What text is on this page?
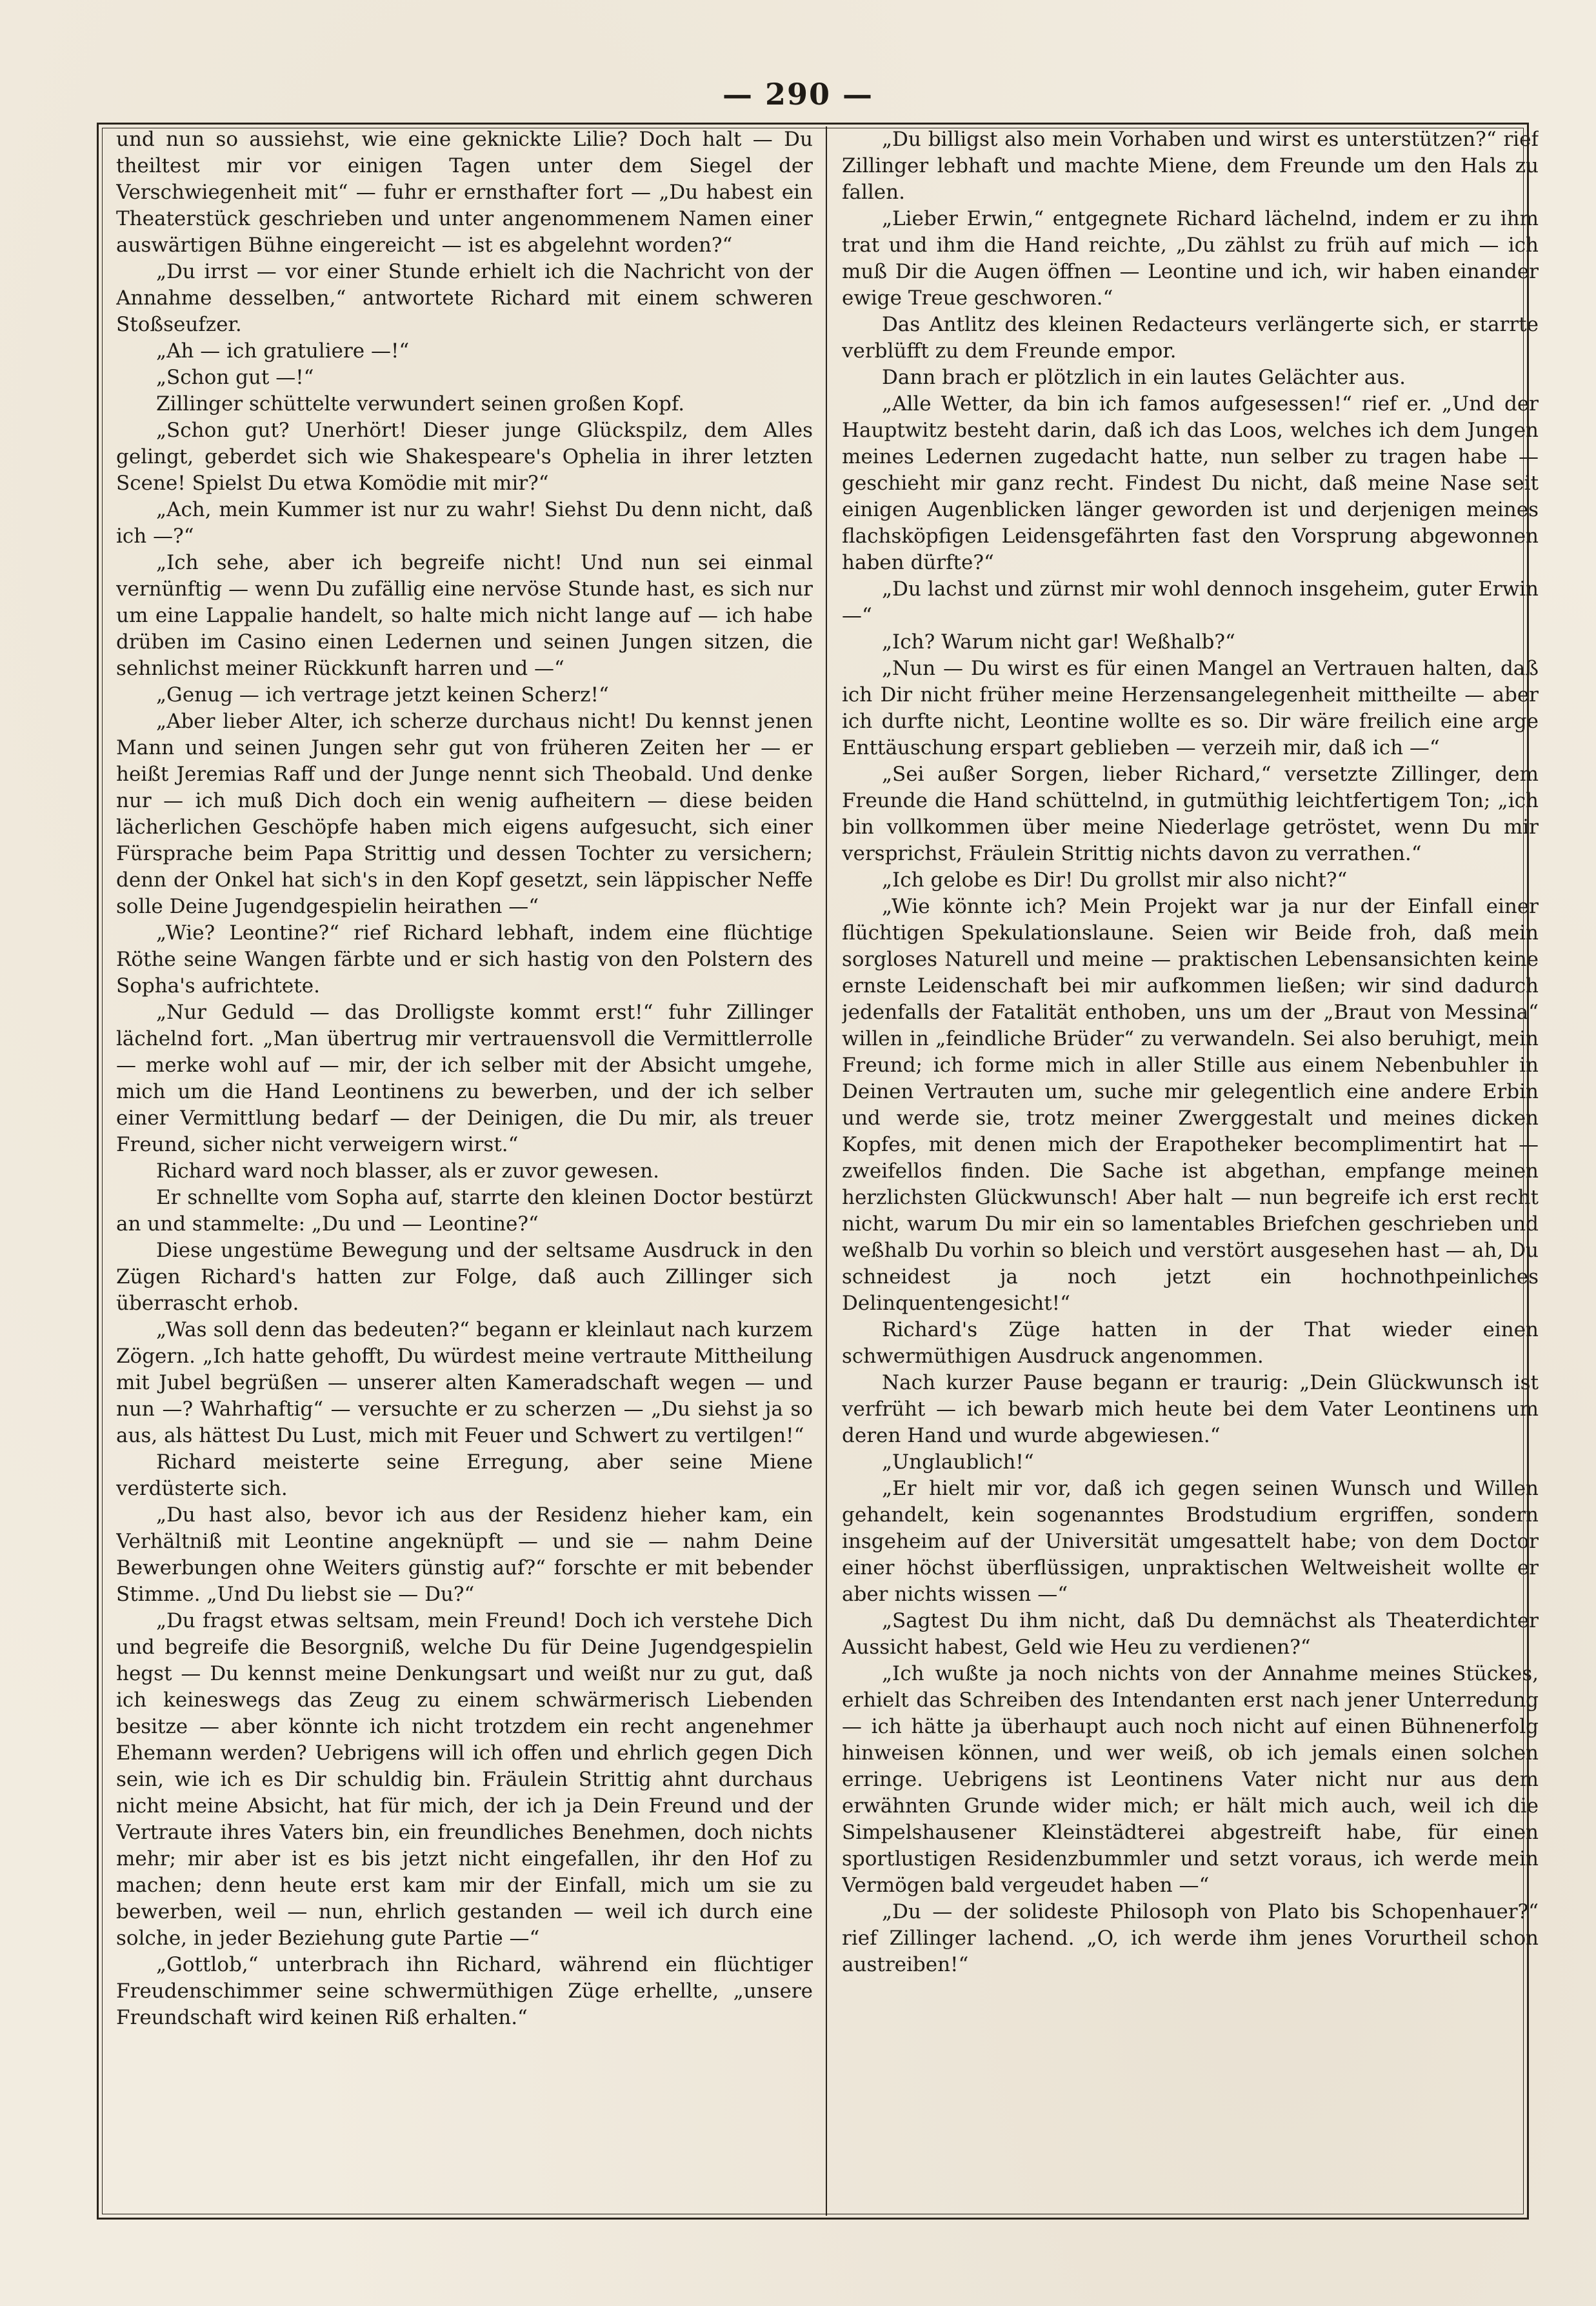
— 290 —

und nun so aussiehst, wie eine geknickte Lilie? Doch halt — Du theiltest mir vor einigen Tagen unter dem Siegel der Verschwiegenheit mit“ — fuhr er ernsthafter fort — „Du habest ein Theaterstück geschrieben und unter angenommenem Namen einer auswärtigen Bühne eingereicht — ist es abgelehnt worden?“

„Du irrst — vor einer Stunde erhielt ich die Nachricht von der Annahme desselben,“ antwortete Richard mit einem schweren Stoßseufzer.

„Ah — ich gratuliere —!“

„Schon gut —!“

Zillinger schüttelte verwundert seinen großen Kopf.

„Schon gut? Unerhört! Dieser junge Glückspilz, dem Alles gelingt, geberdet sich wie Shakespeare's Ophelia in ihrer letzten Scene! Spielst Du etwa Komödie mit mir?“

„Ach, mein Kummer ist nur zu wahr! Siehst Du denn nicht, daß ich —?“

„Ich sehe, aber ich begreife nicht! Und nun sei einmal vernünftig — wenn Du zufällig eine nervöse Stunde hast, es sich nur um eine Lappalie handelt, so halte mich nicht lange auf — ich habe drüben im Casino einen Ledernen und seinen Jungen sitzen, die sehnlichst meiner Rückkunft harren und —“

„Genug — ich vertrage jetzt keinen Scherz!“

„Aber lieber Alter, ich scherze durchaus nicht! Du kennst jenen Mann und seinen Jungen sehr gut von früheren Zeiten her — er heißt Jeremias Raff und der Junge nennt sich Theobald. Und denke nur — ich muß Dich doch ein wenig aufheitern — diese beiden lächerlichen Geschöpfe haben mich eigens aufgesucht, sich einer Fürsprache beim Papa Strittig und dessen Tochter zu versichern; denn der Onkel hat sich's in den Kopf gesetzt, sein läppischer Neffe solle Deine Jugendgespielin heirathen —“

„Wie? Leontine?“ rief Richard lebhaft, indem eine flüchtige Röthe seine Wangen färbte und er sich hastig von den Polstern des Sopha's aufrichtete.

„Nur Geduld — das Drolligste kommt erst!“ fuhr Zillinger lächelnd fort. „Man übertrug mir vertrauensvoll die Vermittlerrolle — merke wohl auf — mir, der ich selber mit der Absicht umgehe, mich um die Hand Leontinens zu bewerben, und der ich selber einer Vermittlung bedarf — der Deinigen, die Du mir, als treuer Freund, sicher nicht verweigern wirst.“

Richard ward noch blasser, als er zuvor gewesen.

Er schnellte vom Sopha auf, starrte den kleinen Doctor bestürzt an und stammelte: „Du und — Leontine?“

Diese ungestüme Bewegung und der seltsame Ausdruck in den Zügen Richard's hatten zur Folge, daß auch Zillinger sich überrascht erhob.

„Was soll denn das bedeuten?“ begann er kleinlaut nach kurzem Zögern. „Ich hatte gehofft, Du würdest meine vertraute Mittheilung mit Jubel begrüßen — unserer alten Kameradschaft wegen — und nun —? Wahrhaftig“ — versuchte er zu scherzen — „Du siehst ja so aus, als hättest Du Lust, mich mit Feuer und Schwert zu vertilgen!“

Richard meisterte seine Erregung, aber seine Miene verdüsterte sich.

„Du hast also, bevor ich aus der Residenz hieher kam, ein Verhältniß mit Leontine angeknüpft — und sie — nahm Deine Bewerbungen ohne Weiters günstig auf?“ forschte er mit bebender Stimme. „Und Du liebst sie — Du?“

„Du fragst etwas seltsam, mein Freund! Doch ich verstehe Dich und begreife die Besorgniß, welche Du für Deine Jugendgespielin hegst — Du kennst meine Denkungsart und weißt nur zu gut, daß ich keineswegs das Zeug zu einem schwärmerisch Liebenden besitze — aber könnte ich nicht trotzdem ein recht angenehmer Ehemann werden? Uebrigens will ich offen und ehrlich gegen Dich sein, wie ich es Dir schuldig bin. Fräulein Strittig ahnt durchaus nicht meine Absicht, hat für mich, der ich ja Dein Freund und der Vertraute ihres Vaters bin, ein freundliches Benehmen, doch nichts mehr; mir aber ist es bis jetzt nicht eingefallen, ihr den Hof zu machen; denn heute erst kam mir der Einfall, mich um sie zu bewerben, weil — nun, ehrlich gestanden — weil ich durch eine solche, in jeder Beziehung gute Partie —“

„Gottlob,“ unterbrach ihn Richard, während ein flüchtiger Freudenschimmer seine schwermüthigen Züge erhellte, „unsere Freundschaft wird keinen Riß erhalten.“

„Du billigst also mein Vorhaben und wirst es unterstützen?“ rief Zillinger lebhaft und machte Miene, dem Freunde um den Hals zu fallen.

„Lieber Erwin,“ entgegnete Richard lächelnd, indem er zu ihm trat und ihm die Hand reichte, „Du zählst zu früh auf mich — ich muß Dir die Augen öffnen — Leontine und ich, wir haben einander ewige Treue geschworen.“

Das Antlitz des kleinen Redacteurs verlängerte sich, er starrte verblüfft zu dem Freunde empor.

Dann brach er plötzlich in ein lautes Gelächter aus.

„Alle Wetter, da bin ich famos aufgesessen!“ rief er. „Und der Hauptwitz besteht darin, daß ich das Loos, welches ich dem Jungen meines Ledernen zugedacht hatte, nun selber zu tragen habe — geschieht mir ganz recht. Findest Du nicht, daß meine Nase seit einigen Augenblicken länger geworden ist und derjenigen meines flachsköpfigen Leidensgefährten fast den Vorsprung abgewonnen haben dürfte?“

„Du lachst und zürnst mir wohl dennoch insgeheim, guter Erwin —“

„Ich? Warum nicht gar! Weßhalb?“

„Nun — Du wirst es für einen Mangel an Vertrauen halten, daß ich Dir nicht früher meine Herzensangelegenheit mittheilte — aber ich durfte nicht, Leontine wollte es so. Dir wäre freilich eine arge Enttäuschung erspart geblieben — verzeih mir, daß ich —“

„Sei außer Sorgen, lieber Richard,“ versetzte Zillinger, dem Freunde die Hand schüttelnd, in gutmüthig leichtfertigem Ton; „ich bin vollkommen über meine Niederlage getröstet, wenn Du mir versprichst, Fräulein Strittig nichts davon zu verrathen.“

„Ich gelobe es Dir! Du grollst mir also nicht?“

„Wie könnte ich? Mein Projekt war ja nur der Einfall einer flüchtigen Spekulationslaune. Seien wir Beide froh, daß mein sorgloses Naturell und meine — praktischen Lebensansichten keine ernste Leidenschaft bei mir aufkommen ließen; wir sind dadurch jedenfalls der Fatalität enthoben, uns um der „Braut von Messina“ willen in „feindliche Brüder“ zu verwandeln. Sei also beruhigt, mein Freund; ich forme mich in aller Stille aus einem Nebenbuhler in Deinen Vertrauten um, suche mir gelegentlich eine andere Erbin und werde sie, trotz meiner Zwerggestalt und meines dicken Kopfes, mit denen mich der Erapotheker becomplimentirt hat — zweifellos finden. Die Sache ist abgethan, empfange meinen herzlichsten Glückwunsch! Aber halt — nun begreife ich erst recht nicht, warum Du mir ein so lamentables Briefchen geschrieben und weßhalb Du vorhin so bleich und verstört ausgesehen hast — ah, Du schneidest ja noch jetzt ein hochnothpeinliches Delinquentengesicht!“

Richard's Züge hatten in der That wieder einen schwermüthigen Ausdruck angenommen.

Nach kurzer Pause begann er traurig: „Dein Glückwunsch ist verfrüht — ich bewarb mich heute bei dem Vater Leontinens um deren Hand und wurde abgewiesen.“

„Unglaublich!“

„Er hielt mir vor, daß ich gegen seinen Wunsch und Willen gehandelt, kein sogenanntes Brodstudium ergriffen, sondern insgeheim auf der Universität umgesattelt habe; von dem Doctor einer höchst überflüssigen, unpraktischen Weltweisheit wollte er aber nichts wissen —“

„Sagtest Du ihm nicht, daß Du demnächst als Theaterdichter Aussicht habest, Geld wie Heu zu verdienen?“

„Ich wußte ja noch nichts von der Annahme meines Stückes, erhielt das Schreiben des Intendanten erst nach jener Unterredung — ich hätte ja überhaupt auch noch nicht auf einen Bühnenerfolg hinweisen können, und wer weiß, ob ich jemals einen solchen erringe. Uebrigens ist Leontinens Vater nicht nur aus dem erwähnten Grunde wider mich; er hält mich auch, weil ich die Simpelshausener Kleinstädterei abgestreift habe, für einen sportlustigen Residenzbummler und setzt voraus, ich werde mein Vermögen bald vergeudet haben —“

„Du — der solideste Philosoph von Plato bis Schopenhauer?“ rief Zillinger lachend. „O, ich werde ihm jenes Vorurtheil schon austreiben!“
